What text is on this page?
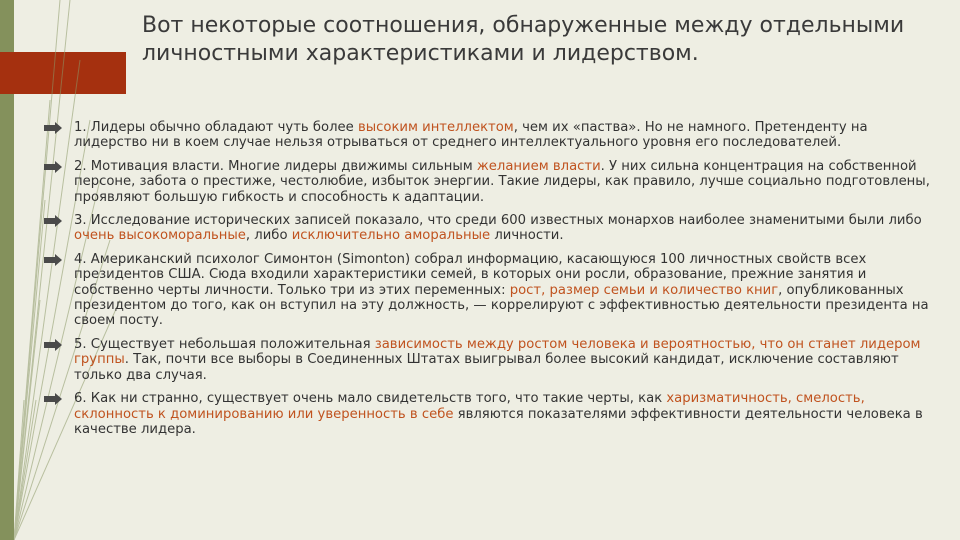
Вот некоторые соотношения, обнаруженные между отдельными
личностными характеристиками и лидерством.
1. Лидеры обычно обладают чуть более высоким интеллектом, чем их «паства». Но не намного. Претенденту на лидерство ни в коем случае нельзя отрываться от среднего интеллектуального уровня его последователей.
2. Мотивация власти. Многие лидеры движимы сильным желанием власти. У них сильна концентрация на собственной персоне, забота о престиже, честолюбие, избыток энергии. Такие лидеры, как правило, лучше социально подготовлены, проявляют большую гибкость и способность к адаптации.
3. Исследование исторических записей показало, что среди 600 известных монархов наиболее знаменитыми были либо очень высокоморальные, либо исключительно аморальные личности.
4. Американский психолог Симонтон (Simonton) собрал информацию, касающуюся 100 личностных свойств всех президентов США. Сюда входили характеристики семей, в которых они росли, образование, прежние занятия и собственно черты личности. Только три из этих переменных: рост, размер семьи и количество книг, опубликованных президентом до того, как он вступил на эту должность, — коррелируют с эффективностью деятельности президента на своем посту.
5. Существует небольшая положительная зависимость между ростом человека и вероятностью, что он станет лидером группы. Так, почти все выборы в Соединенных Штатах выигрывал более высокий кандидат, исключение составляют только два случая.
6. Как ни странно, существует очень мало свидетельств того, что такие черты, как харизматичность, смелость, склонность к доминированию или уверенность в себе являются показателями эффективности деятельности человека в качестве лидера.
